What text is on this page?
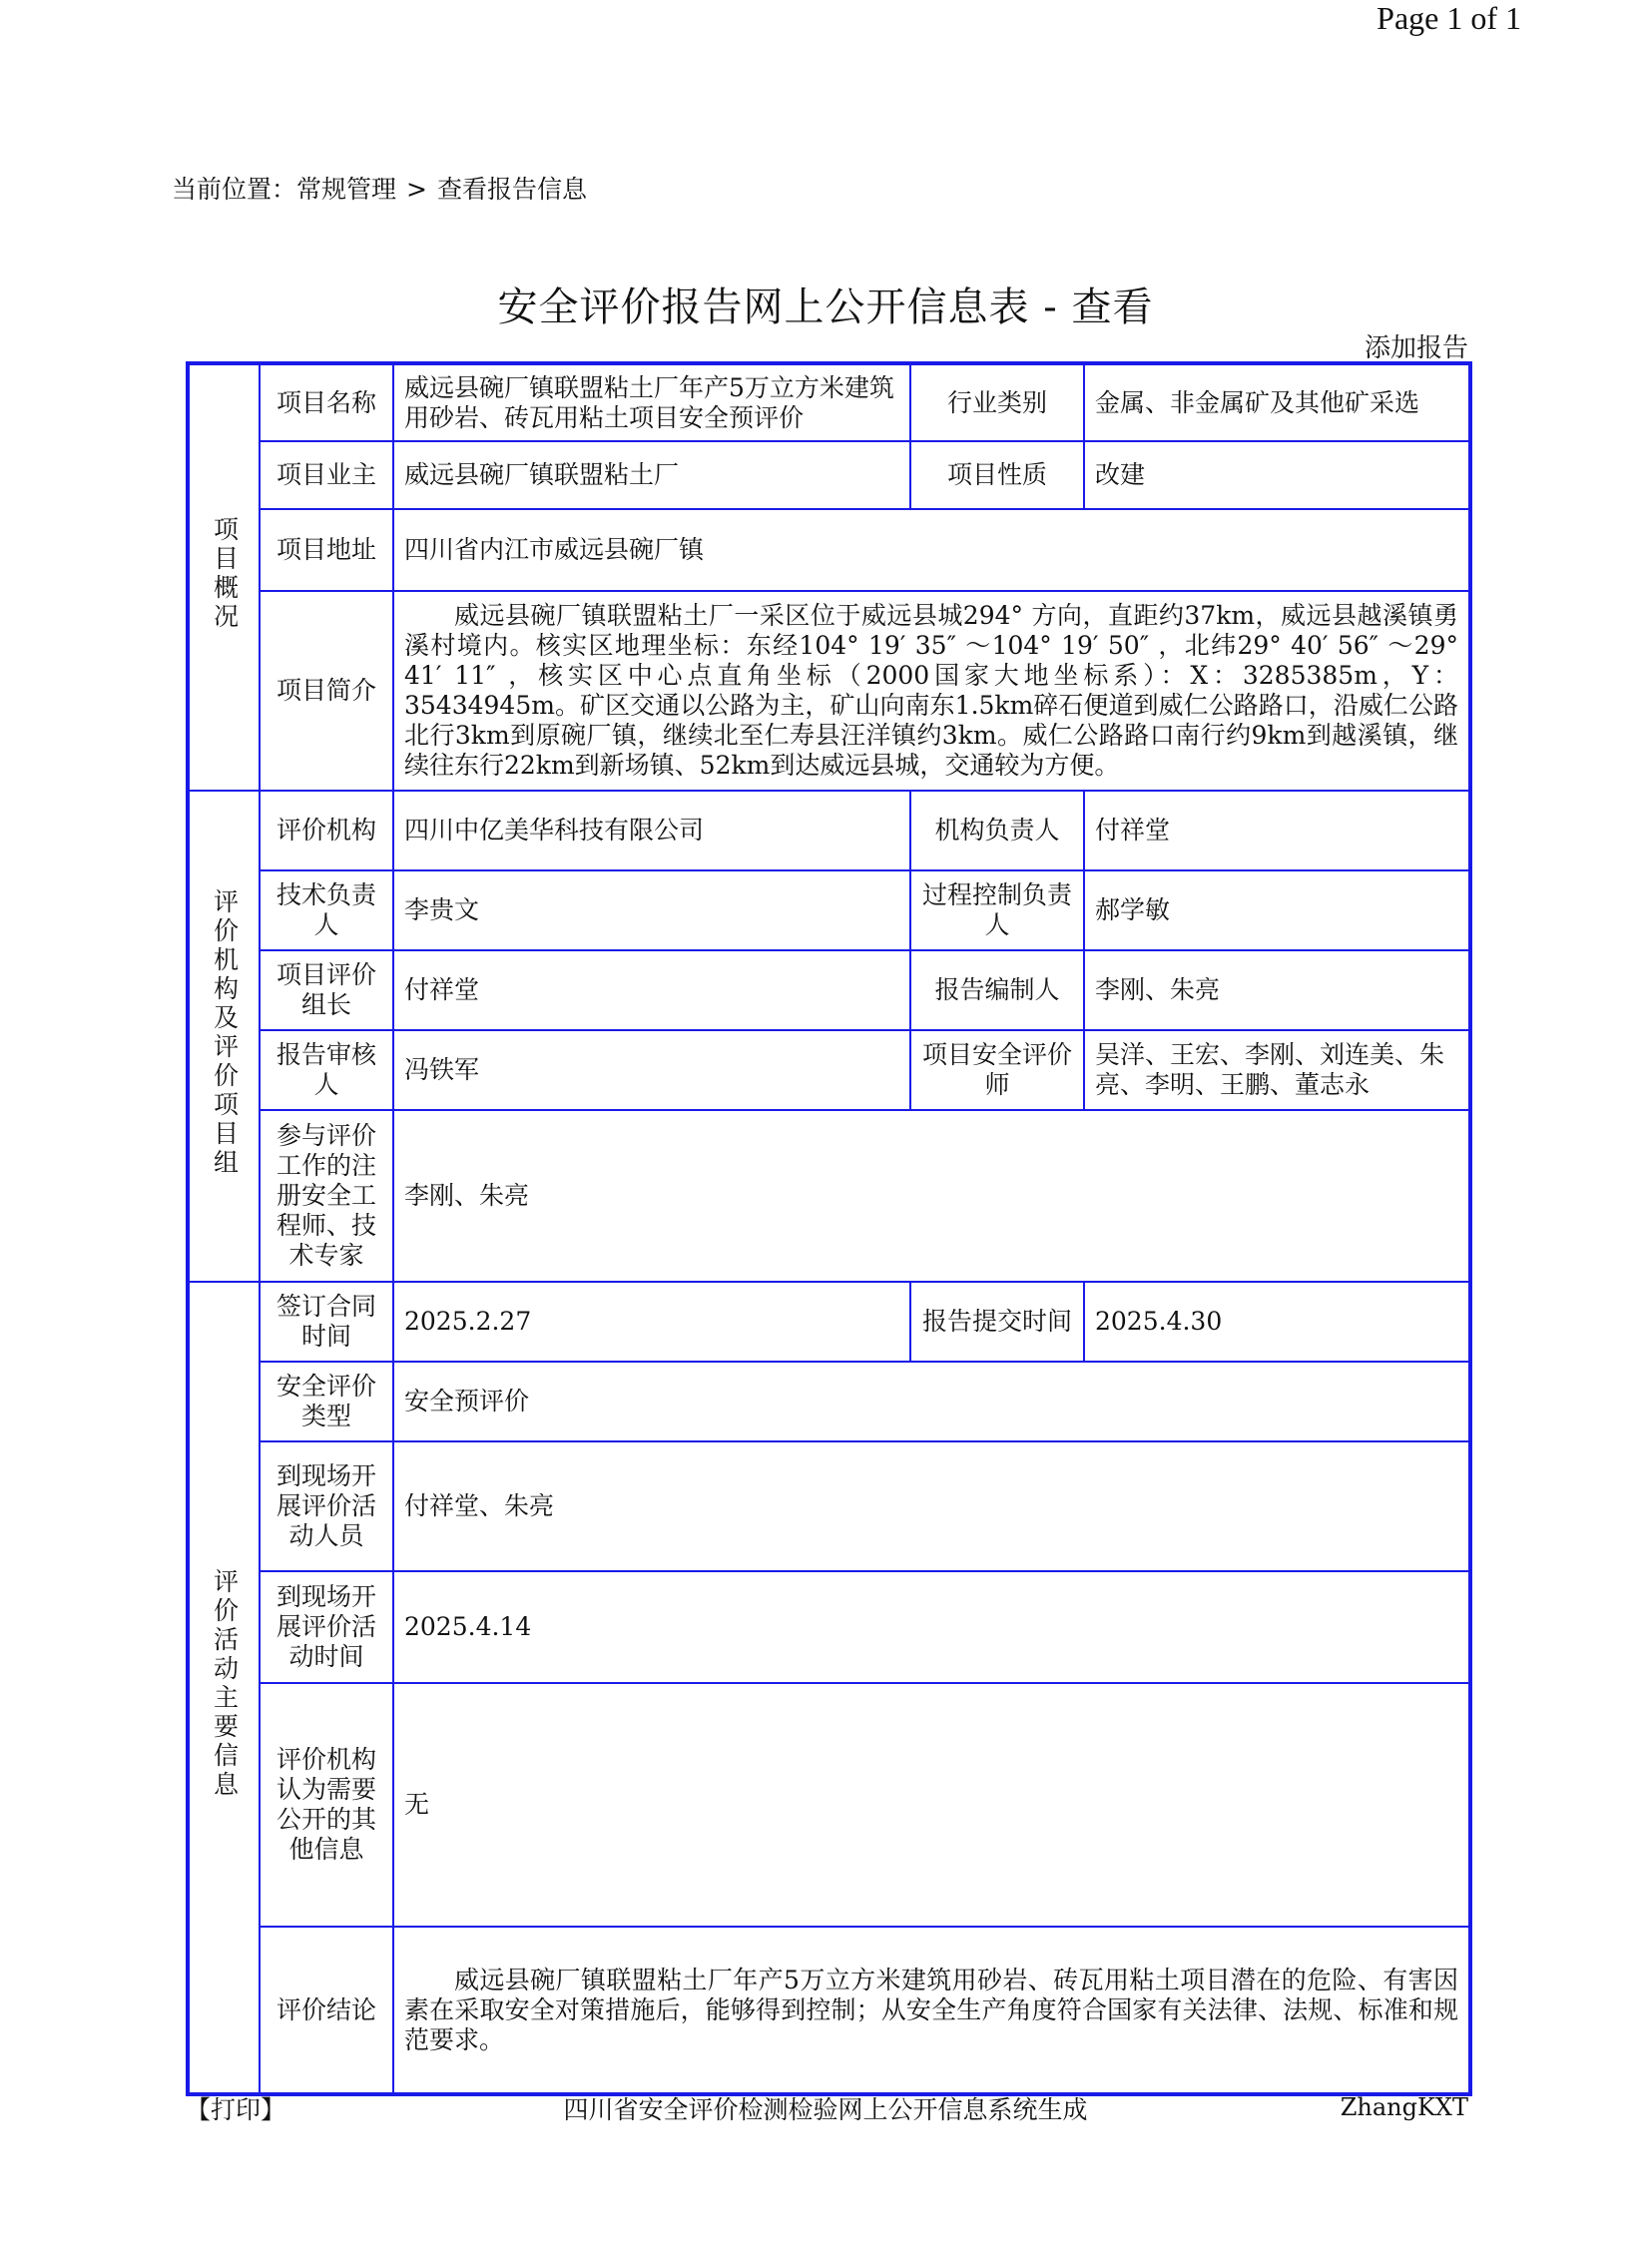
Page 1 of 1
当前位置：常规管理 > 查看报告信息
安全评价报告网上公开信息表 - 查看
添加报告
项目概况	项目名称	威远县碗厂镇联盟粘土厂年产5万立方米建筑用砂岩、砖瓦用粘土项目安全预评价	行业类别	金属、非金属矿及其他矿采选
	项目业主	威远县碗厂镇联盟粘土厂	项目性质	改建
	项目地址	四川省内江市威远县碗厂镇		
	项目简介	威远县碗厂镇联盟粘土厂一采区位于威远县城294° 方向，直距约37km，威远县越溪镇勇溪村境内。核实区地理坐标：东经104° 19′ 35″ ～104° 19′ 50″ ，北纬29° 40′ 56″ ～29° 41′ 11″ ，核实区中心点直角坐标（2000国家大地坐标系）：X：3285385m，Y：35434945m。矿区交通以公路为主，矿山向南东1.5km碎石便道到威仁公路路口，沿威仁公路北行3km到原碗厂镇，继续北至仁寿县汪洋镇约3km。威仁公路路口南行约9km到越溪镇，继续往东行22km到新场镇、52km到达威远县城，交通较为方便。		
评价机构及评价项目组	评价机构	四川中亿美华科技有限公司	机构负责人	付祥堂
	技术负责人	李贵文	过程控制负责人	郝学敏
	项目评价组长	付祥堂	报告编制人	李刚、朱亮
	报告审核人	冯铁军	项目安全评价师	吴洋、王宏、李刚、刘连美、朱亮、李明、王鹏、董志永
	参与评价工作的注册安全工程师、技术专家	李刚、朱亮		
评价活动主要信息	签订合同时间	2025.2.27	报告提交时间	2025.4.30
	安全评价类型	安全预评价		
	到现场开展评价活动人员	付祥堂、朱亮		
	到现场开展评价活动时间	2025.4.14		
	评价机构认为需要公开的其他信息	无		
	评价结论	威远县碗厂镇联盟粘土厂年产5万立方米建筑用砂岩、砖瓦用粘土项目潜在的危险、有害因素在采取安全对策措施后，能够得到控制；从安全生产角度符合国家有关法律、法规、标准和规范要求。		
四川省安全评价检测检验网上公开信息系统生成
【打印】	ZhangKXT
